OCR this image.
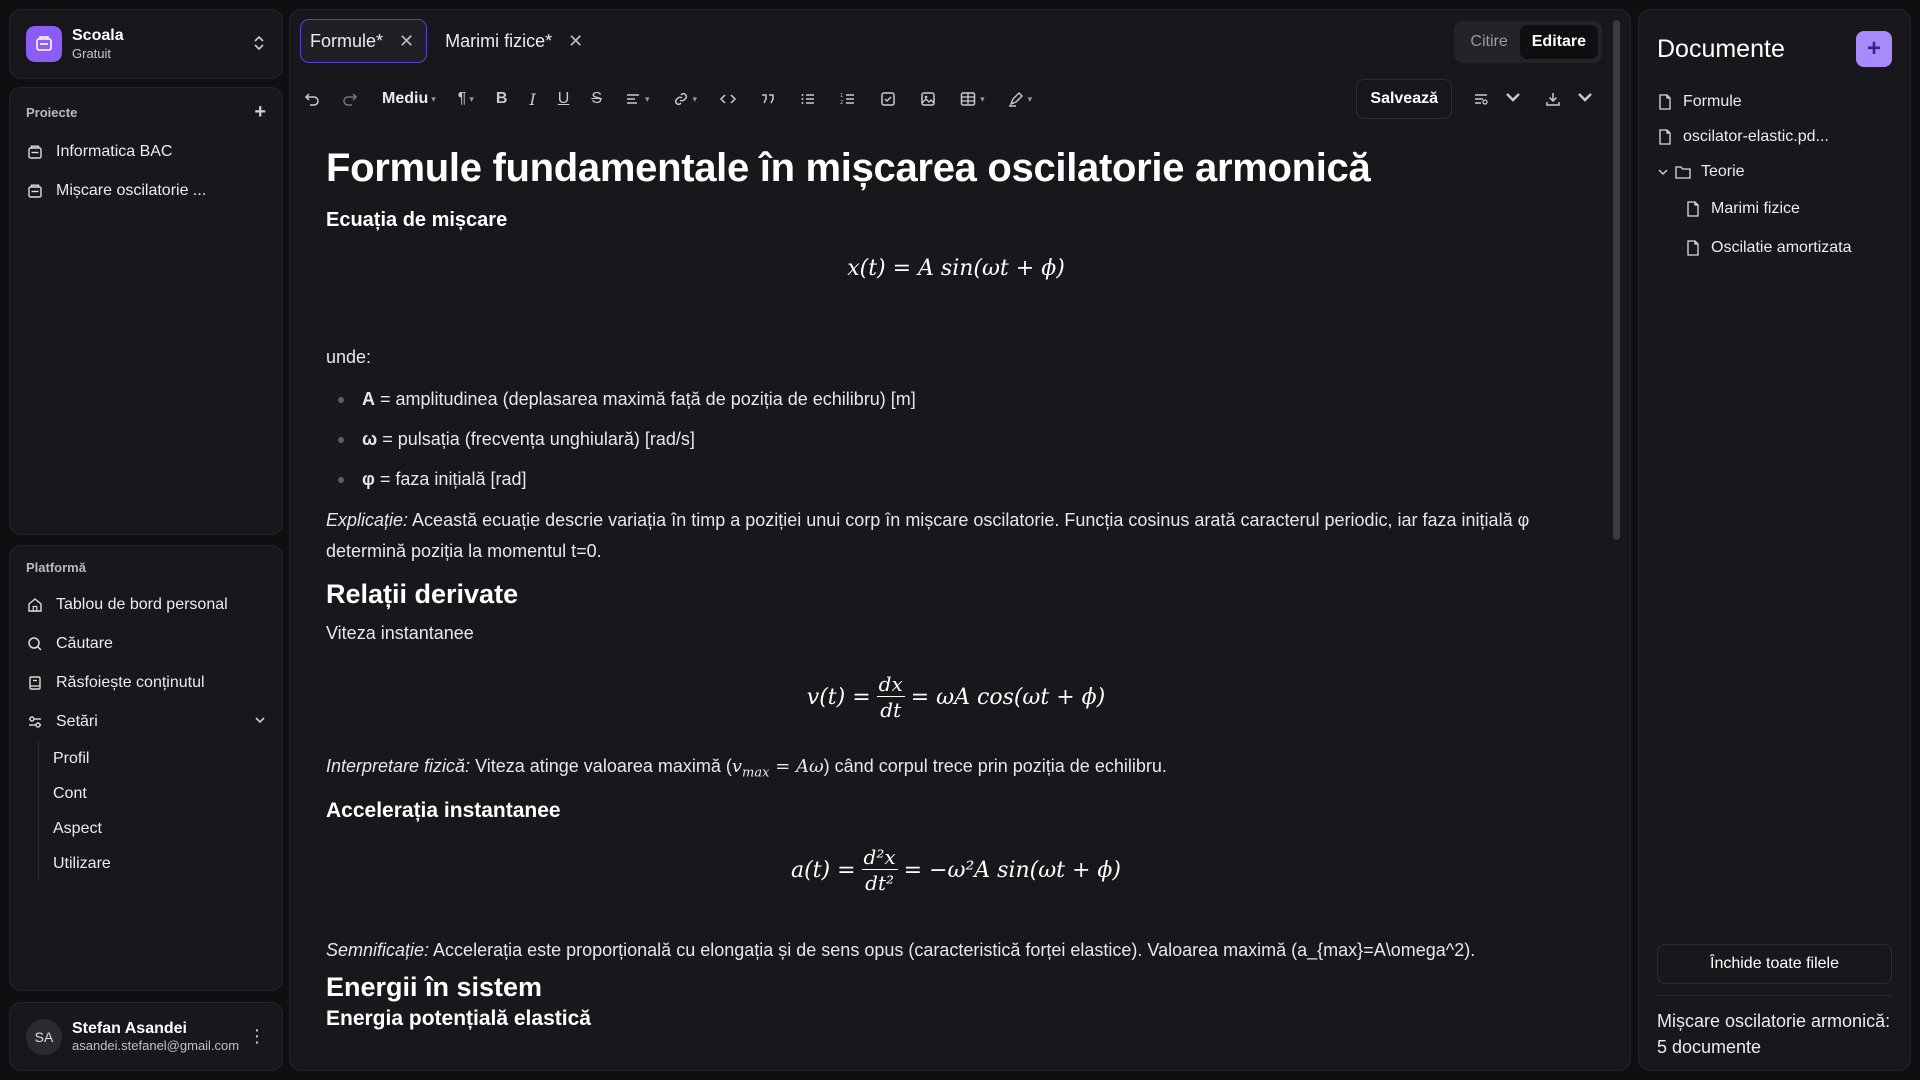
Scoala
Gratuit
Proiecte	+
Informatica BAC
Mișcare oscilatorie ...
Platformă
Tablou de bord personal
Căutare
Răsfoiește conținutul
Setări
Profil
Cont
Aspect
Utilizare
SA	Stefan Asandei
asandei.stefanel@gmail.com ⋮
Formule* ✕ Marimi fizice* ✕	Citire	Editare
Mediu ▾ ¶ ▾ B I U S	▾	▾	1
2	▾	▾	Salvează
Formule fundamentale în mișcarea oscilatorie armonică
Ecuația de mișcare
x(t) = A sin(ωt + ϕ)
unde:
A = amplitudinea (deplasarea maximă față de poziția de echilibru) [m]
ω = pulsația (frecvența unghiulară) [rad/s]
φ = faza inițială [rad]
Explicație: Această ecuație descrie variația în timp a poziției unui corp în mișcare oscilatorie. Funcția cosinus arată caracterul periodic, iar faza inițială φ determină poziția la momentul t=0.
Relații derivate
Viteza instantanee
$v(t) = \frac{dx}{dt} = \omega A$ cos(ωt + ϕ)
Interpretare fizică: Viteza atinge valoarea maximă $(v_{max} = A\omega)$ când corpul trece prin poziția de echilibru.
Accelerația instantanee
$a(t) = \frac{\text{d²x}}{\text{dt²}} = -\omega^2A$ sin(ωt + ϕ)
Semnificație: Accelerația este proporțională cu elongația și de sens opus (caracteristică forței elastice). Valoarea maximă (a_{max}=A\omega^2).
Energii în sistem
Energia potențială elastică
Documente	+
Formule
oscilator-elastic.pd...
Teorie
Marimi fizice
Oscilatie amortizata
Închide toate filele
Mișcare oscilatorie armonică: 5 documente
